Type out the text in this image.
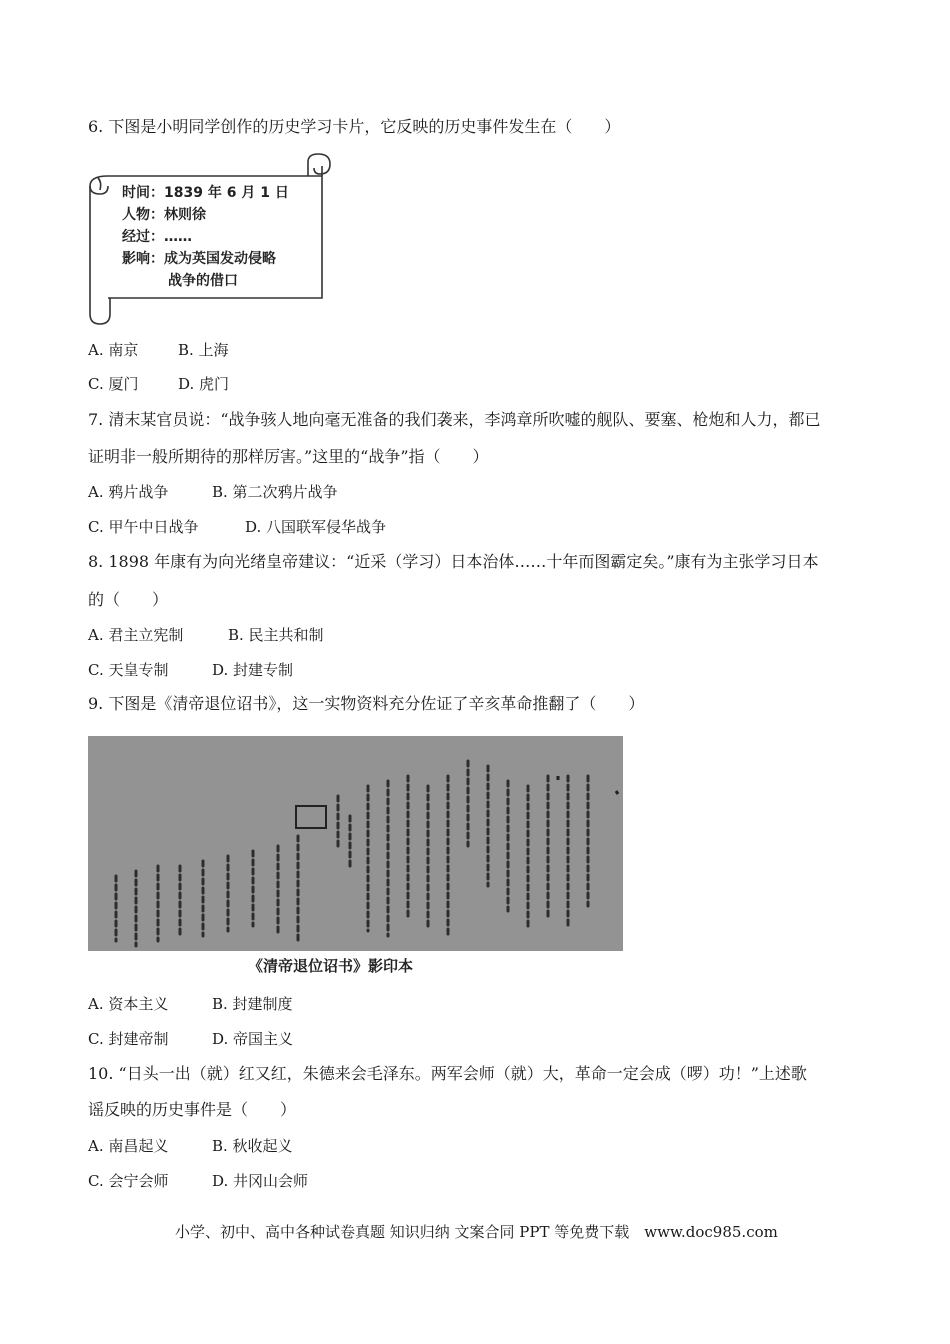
6. 下图是小明同学创作的历史学习卡片，它反映的历史事件发生在（　　）
时间：1839 年 6 月 1 日
人物：林则徐
经过：……
影响：成为英国发动侵略
战争的借口
A. 南京	B. 上海
C. 厦门	D. 虎门
7. 清末某官员说：“战争骇人地向毫无准备的我们袭来，李鸿章所吹嘘的舰队、要塞、枪炮和人力，都已
证明非一般所期待的那样厉害。”这里的“战争”指（　　）
A. 鸦片战争	B. 第二次鸦片战争
C. 甲午中日战争	D. 八国联军侵华战争
8. 1898 年康有为向光绪皇帝建议：“近采（学习）日本治体……十年而图霸定矣。”康有为主张学习日本
的（　　）
A. 君主立宪制	B. 民主共和制
C. 天皇专制	D. 封建专制
9. 下图是《清帝退位诏书》，这一实物资料充分佐证了辛亥革命推翻了（　　）
《清帝退位诏书》影印本
A. 资本主义	B. 封建制度
C. 封建帝制	D. 帝国主义
10. “日头一出（就）红又红，朱德来会毛泽东。两军会师（就）大，革命一定会成（啰）功！”上述歌
谣反映的历史事件是（　　）
A. 南昌起义	B. 秋收起义
C. 会宁会师	D. 井冈山会师
小学、初中、高中各种试卷真题 知识归纳 文案合同 PPT 等免费下载　www.doc985.com
